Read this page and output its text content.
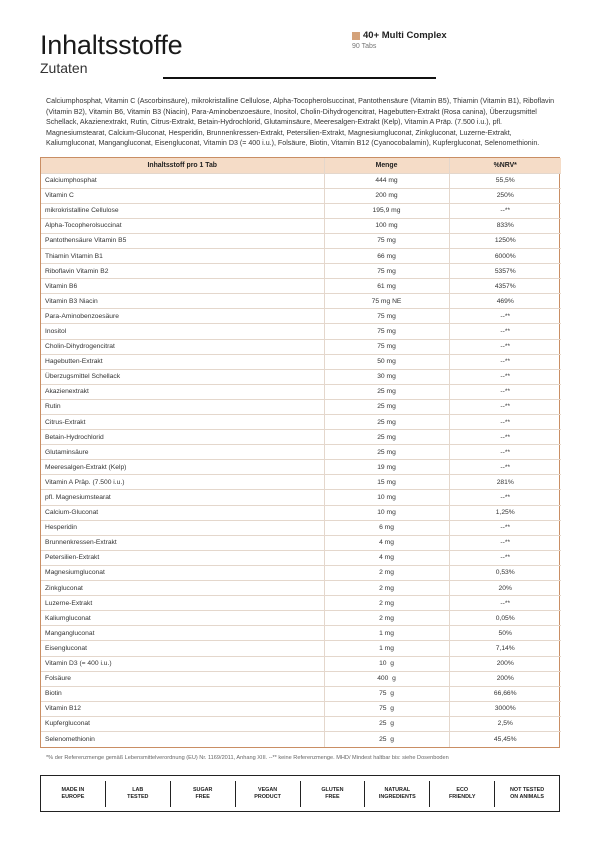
Inhaltsstoffe
Zutaten
40+ Multi Complex
90 Tabs
Calciumphosphat, Vitamin C (Ascorbinsäure), mikrokristalline Cellulose, Alpha-Tocopherolsuccinat, Pantothensäure (Vitamin B5), Thiamin (Vitamin B1), Riboflavin (Vitamin B2), Vitamin B6, Vitamin B3 (Niacin), Para-Aminobenzoesäure, Inositol, Cholin-Dihydrogencitrat, Hagebutten-Extrakt (Rosa canina), Überzugsmittel Schellack, Akazienextrakt, Rutin, Citrus-Extrakt, Betain-Hydrochlorid, Glutaminsäure, Meeresalgen-Extrakt (Kelp), Vitamin A Präp. (7.500 i.u.), pfl. Magnesiumstearat, Calcium-Gluconat, Hesperidin, Brunnenkressen-Extrakt, Petersilien-Extrakt, Magnesiumgluconat, Zinkgluconat, Luzerne-Extrakt, Kaliumgluconat, Mangangluconat, Eisengluconat, Vitamin D3 (= 400 i.u.), Folsäure, Biotin, Vitamin B12 (Cyanocobalamin), Kupfergluconat, Selenomethionin.
Inhaltsstoff pro 1 Tab	Menge	%NRV*
Calciumphosphat	444 mg	55,5%
Vitamin C	200 mg	250%
mikrokristalline Cellulose	195,9 mg	--**
Alpha-Tocopherolsuccinat	100 mg	833%
Pantothensäure Vitamin B5	75 mg	1250%
Thiamin Vitamin B1	66 mg	6000%
Riboflavin Vitamin B2	75 mg	5357%
Vitamin B6	61 mg	4357%
Vitamin B3 Niacin	75 mg NE	469%
Para-Aminobenzoesäure	75 mg	--**
Inositol	75 mg	--**
Cholin-Dihydrogencitrat	75 mg	--**
Hagebutten-Extrakt	50 mg	--**
Überzugsmittel Schellack	30 mg	--**
Akazienextrakt	25 mg	--**
Rutin	25 mg	--**
Citrus-Extrakt	25 mg	--**
Betain-Hydrochlorid	25 mg	--**
Glutaminsäure	25 mg	--**
Meeresalgen-Extrakt (Kelp)	19 mg	--**
Vitamin A Präp. (7.500 i.u.)	15 mg	281%
pfl. Magnesiumstearat	10 mg	--**
Calcium-Gluconat	10 mg	1,25%
Hesperidin	6 mg	--**
Brunnenkressen-Extrakt	4 mg	--**
Petersilien-Extrakt	4 mg	--**
Magnesiumgluconat	2 mg	0,53%
Zinkgluconat	2 mg	20%
Luzerne-Extrakt	2 mg	--**
Kaliumgluconat	2 mg	0,05%
Mangangluconat	1 mg	50%
Eisengluconat	1 mg	7,14%
Vitamin D3 (= 400 i.u.)	10  g	200%
Folsäure	400  g	200%
Biotin	75  g	66,66%
Vitamin B12	75  g	3000%
Kupfergluconat	25  g	2,5%
Selenomethionin	25  g	45,45%
*% der Referenzmenge gemäß Lebensmittelverordnung (EU) Nr. 1169/2011, Anhang XIII. --** keine Referenzmenge. MHD/ Mindest haltbar bis: siehe Dosenboden
MADE IN
EUROPE
LAB
TESTED
SUGAR
FREE
VEGAN
PRODUCT
GLUTEN
FREE
NATURAL
INGREDIENTS
ECO
FRIENDLY
NOT TESTED
ON ANIMALS
